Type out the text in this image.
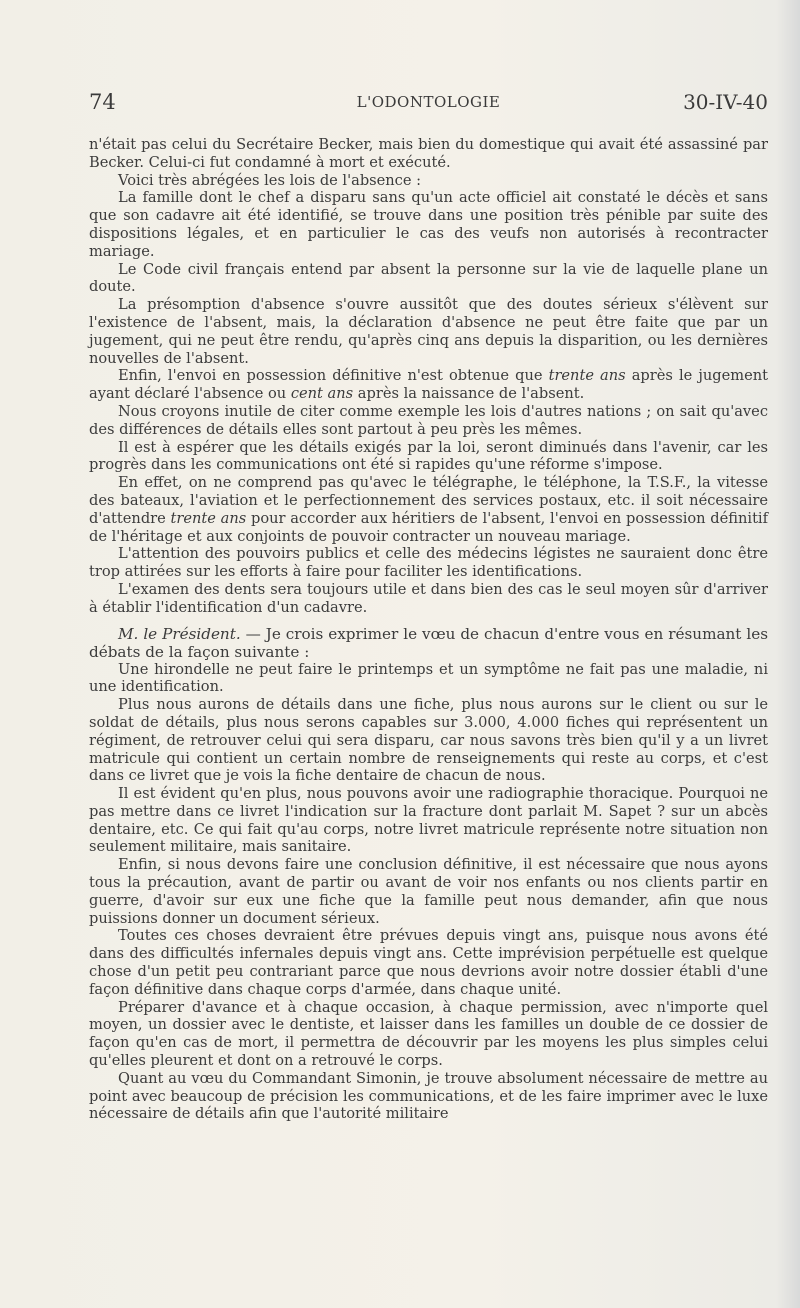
74	L'ODONTOLOGIE	30-IV-40

n'était pas celui du Secrétaire Becker, mais bien du domestique qui avait été assassiné par Becker. Celui-ci fut condamné à mort et exécuté.

Voici très abrégées les lois de l'absence :

La famille dont le chef a disparu sans qu'un acte officiel ait constaté le décès et sans que son cadavre ait été identifié, se trouve dans une position très pénible par suite des dispositions légales, et en particulier le cas des veufs non autorisés à recontracter mariage.

Le Code civil français entend par absent la personne sur la vie de laquelle plane un doute.

La présomption d'absence s'ouvre aussitôt que des doutes sérieux s'élèvent sur l'existence de l'absent, mais, la déclaration d'absence ne peut être faite que par un jugement, qui ne peut être rendu, qu'après cinq ans depuis la disparition, ou les dernières nouvelles de l'absent.

Enfin, l'envoi en possession définitive n'est obtenue que trente ans après le jugement ayant déclaré l'absence ou cent ans après la naissance de l'absent.

Nous croyons inutile de citer comme exemple les lois d'autres nations ; on sait qu'avec des différences de détails elles sont partout à peu près les mêmes.

Il est à espérer que les détails exigés par la loi, seront diminués dans l'avenir, car les progrès dans les communications ont été si rapides qu'une réforme s'impose.

En effet, on ne comprend pas qu'avec le télégraphe, le téléphone, la T.S.F., la vitesse des bateaux, l'aviation et le perfectionnement des services postaux, etc. il soit nécessaire d'attendre trente ans pour accorder aux héritiers de l'absent, l'envoi en possession définitif de l'héritage et aux conjoints de pouvoir contracter un nouveau mariage.

L'attention des pouvoirs publics et celle des médecins légistes ne sauraient donc être trop attirées sur les efforts à faire pour faciliter les identifications.

L'examen des dents sera toujours utile et dans bien des cas le seul moyen sûr d'arriver à établir l'identification d'un cadavre.

M. le Président. — Je crois exprimer le vœu de chacun d'entre vous en résumant les débats de la façon suivante :

Une hirondelle ne peut faire le printemps et un symptôme ne fait pas une maladie, ni une identification.

Plus nous aurons de détails dans une fiche, plus nous aurons sur le client ou sur le soldat de détails, plus nous serons capables sur 3.000, 4.000 fiches qui représentent un régiment, de retrouver celui qui sera disparu, car nous savons très bien qu'il y a un livret matricule qui contient un certain nombre de renseignements qui reste au corps, et c'est dans ce livret que je vois la fiche dentaire de chacun de nous.

Il est évident qu'en plus, nous pouvons avoir une radiographie thoracique. Pourquoi ne pas mettre dans ce livret l'indication sur la fracture dont parlait M. Sapet ? sur un abcès dentaire, etc. Ce qui fait qu'au corps, notre livret matricule représente notre situation non seulement militaire, mais sanitaire.

Enfin, si nous devons faire une conclusion définitive, il est nécessaire que nous ayons tous la précaution, avant de partir ou avant de voir nos enfants ou nos clients partir en guerre, d'avoir sur eux une fiche que la famille peut nous demander, afin que nous puissions donner un document sérieux.

Toutes ces choses devraient être prévues depuis vingt ans, puisque nous avons été dans des difficultés infernales depuis vingt ans. Cette imprévision perpétuelle est quelque chose d'un petit peu contrariant parce que nous devrions avoir notre dossier établi d'une façon définitive dans chaque corps d'armée, dans chaque unité.

Préparer d'avance et à chaque occasion, à chaque permission, avec n'importe quel moyen, un dossier avec le dentiste, et laisser dans les familles un double de ce dossier de façon qu'en cas de mort, il permettra de découvrir par les moyens les plus simples celui qu'elles pleurent et dont on a retrouvé le corps.

Quant au vœu du Commandant Simonin, je trouve absolument nécessaire de mettre au point avec beaucoup de précision les communications, et de les faire imprimer avec le luxe nécessaire de détails afin que l'autorité militaire
